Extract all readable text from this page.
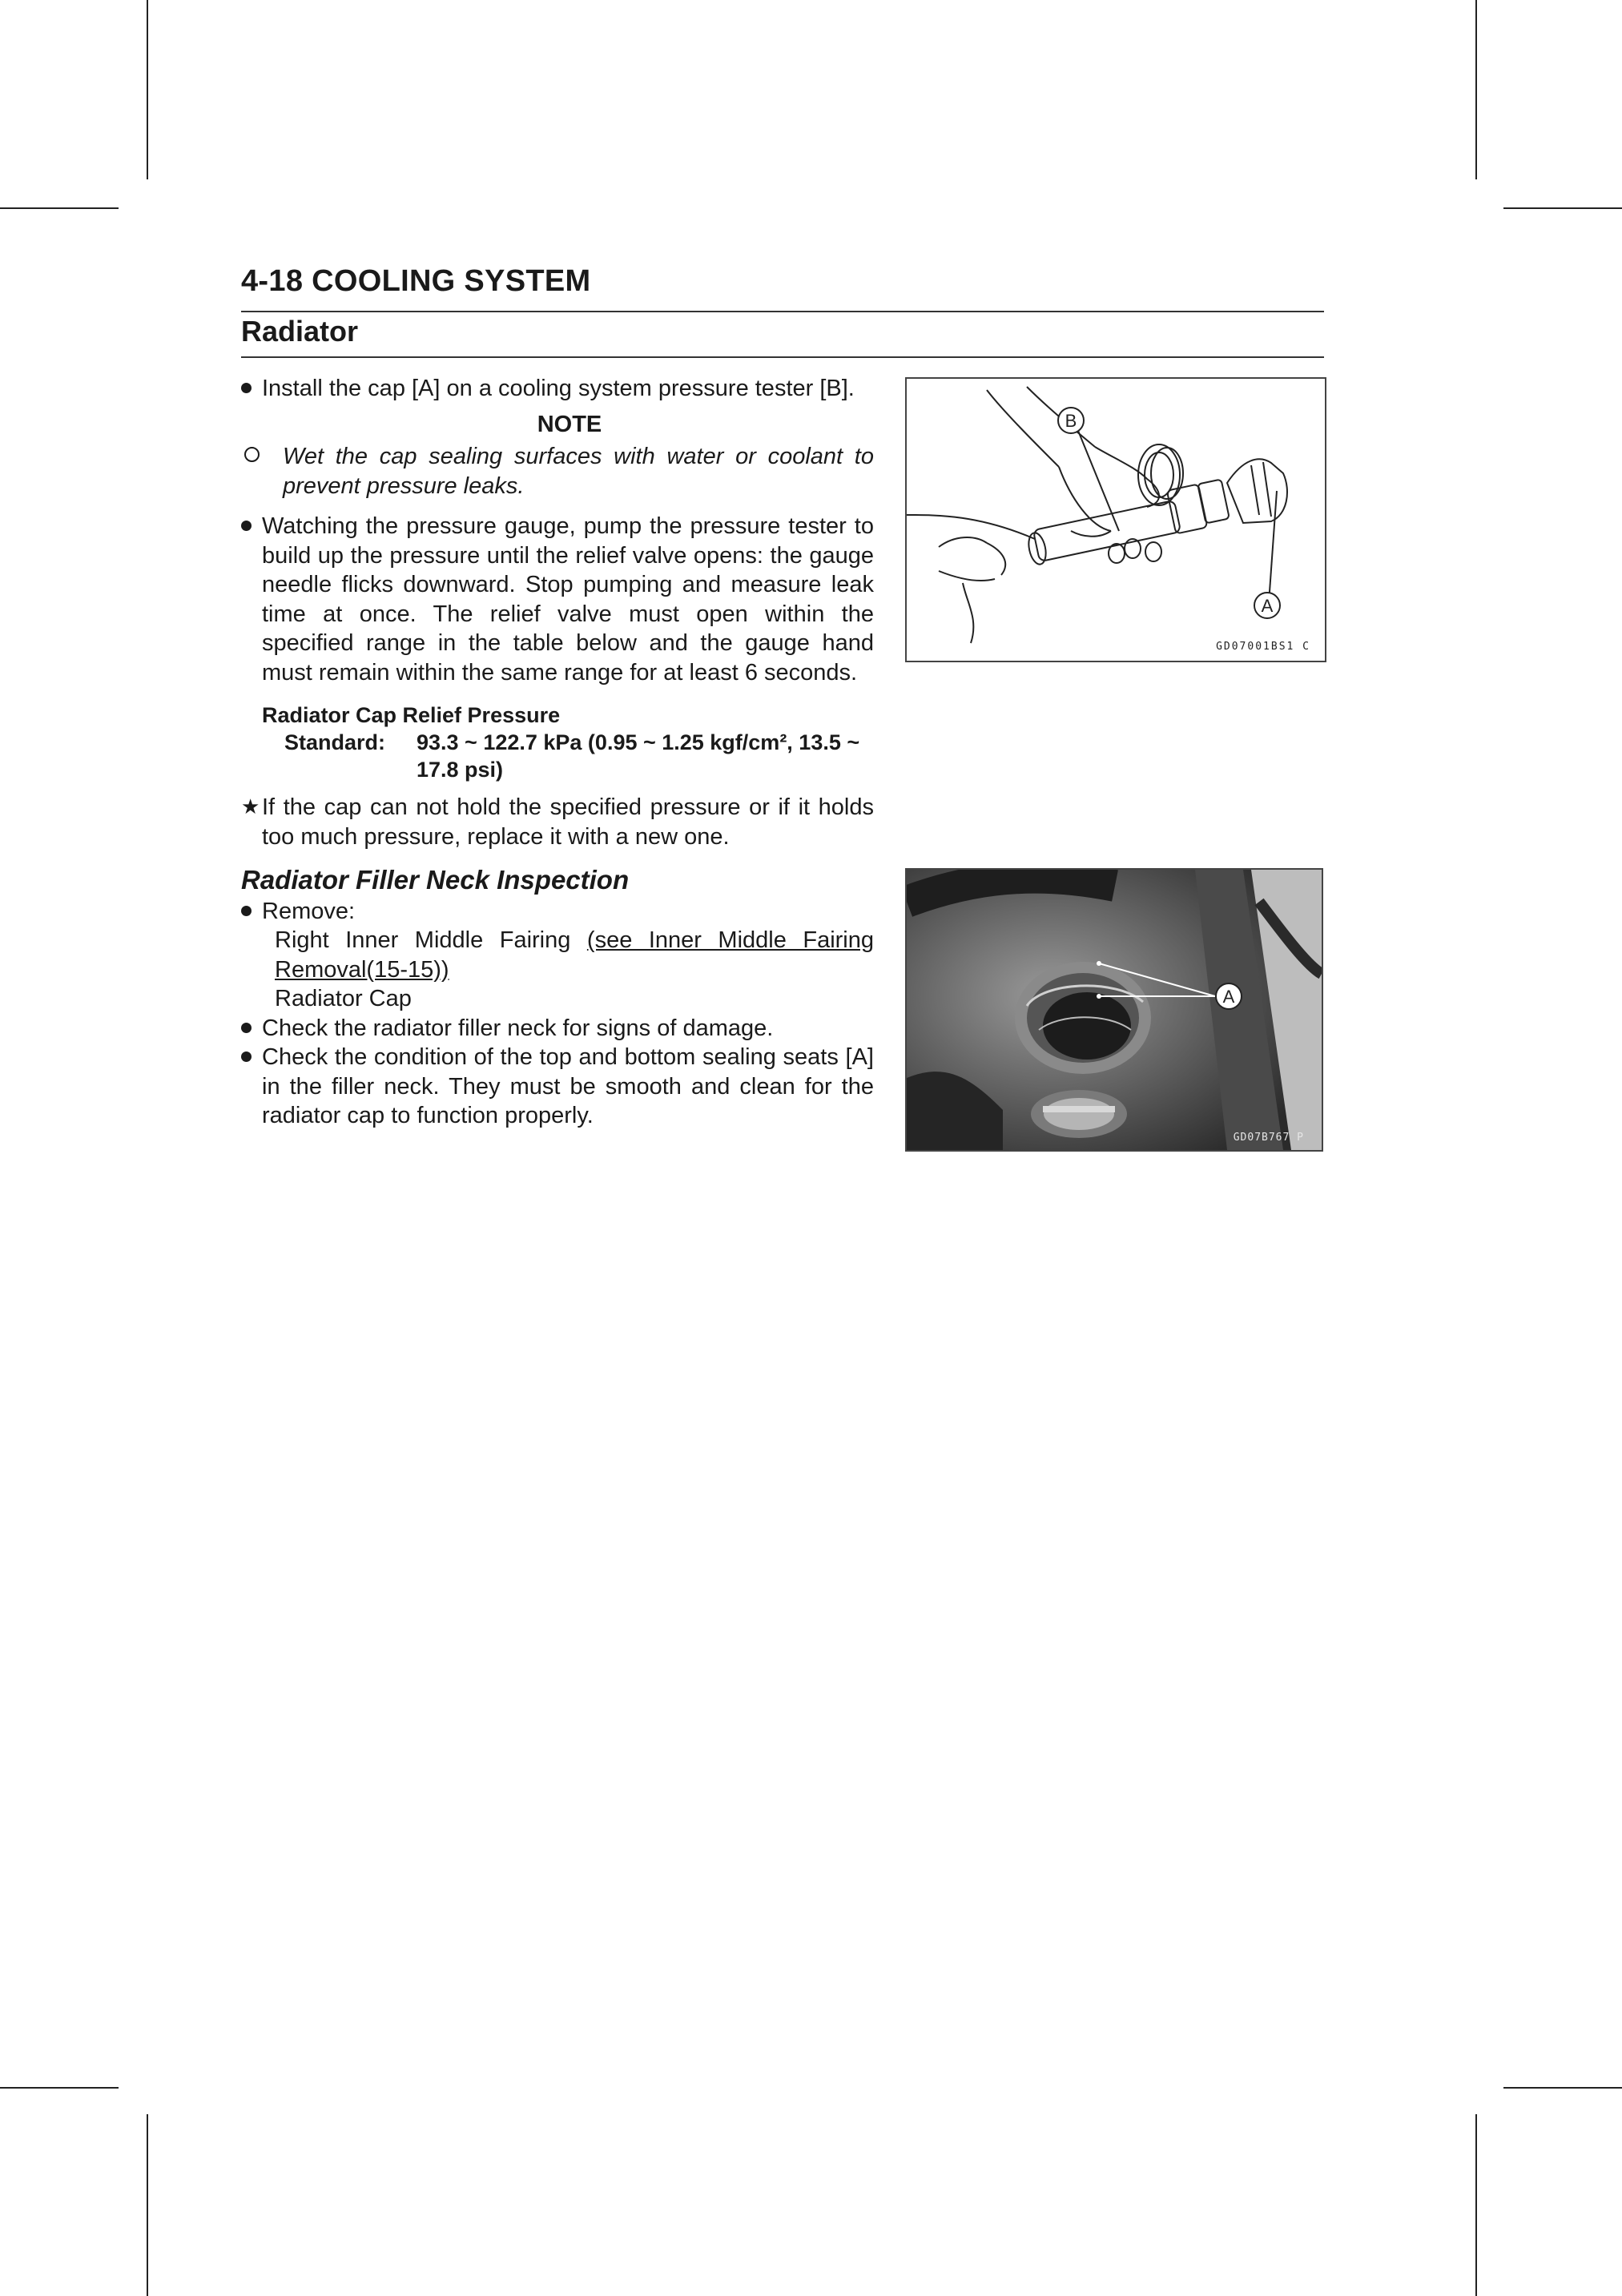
4-18 COOLING SYSTEM
Radiator
Install the cap [A] on a cooling system pressure tester [B].
NOTE
Wet the cap sealing surfaces with water or coolant to prevent pressure leaks.
Watching the pressure gauge, pump the pressure tester to build up the pressure until the relief valve opens: the gauge needle flicks downward. Stop pumping and measure leak time at once. The relief valve must open within the specified range in the table below and the gauge hand must remain within the same range for at least 6 seconds.
Radiator Cap Relief Pressure
Standard: 93.3 ~ 122.7 kPa (0.95 ~ 1.25 kgf/cm², 13.5 ~ 17.8 psi)
★ If the cap can not hold the specified pressure or if it holds too much pressure, replace it with a new one.
Radiator Filler Neck Inspection
Remove:
Right Inner Middle Fairing (see Inner Middle Fairing Removal(15-15))
Radiator Cap
Check the radiator filler neck for signs of damage.
Check the condition of the top and bottom sealing seats [A] in the filler neck. They must be smooth and clean for the radiator cap to function properly.
B
A
GD07001BS1 C
A
GD07B767 P
